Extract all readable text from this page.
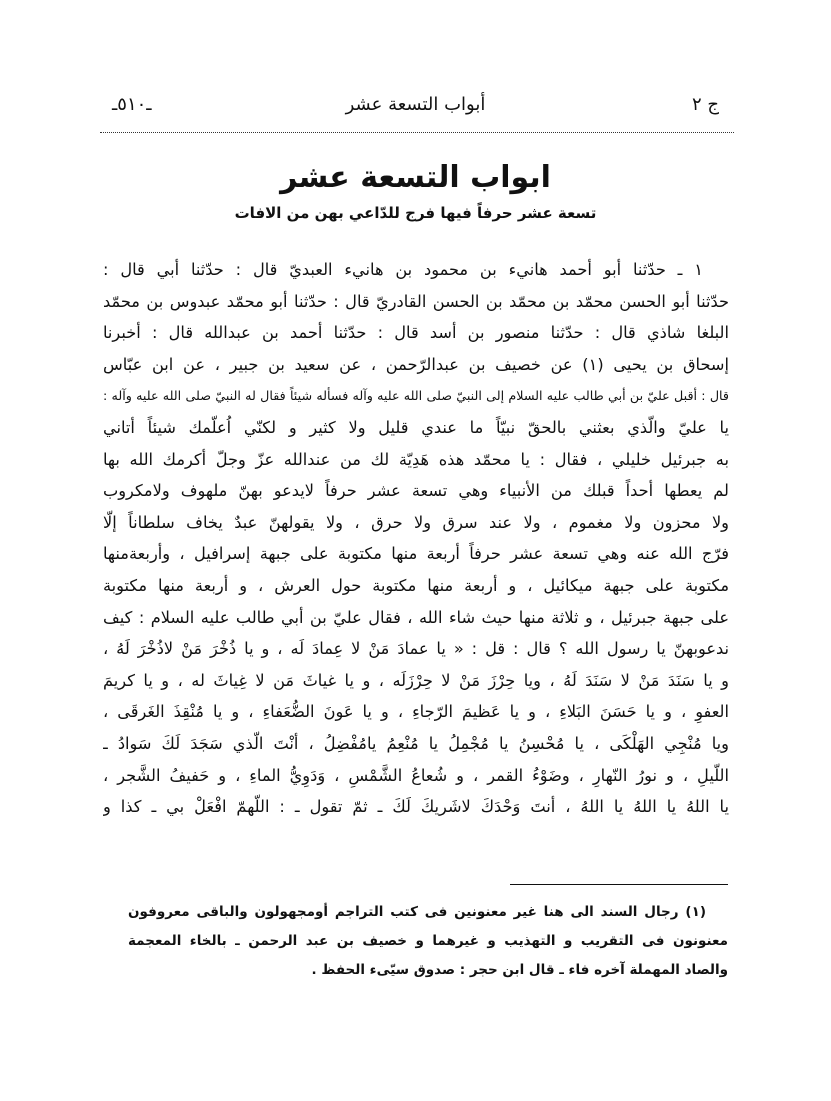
ـ٥١٠ـ	أبواب التسعة عشر	ج ٢
ابواب التسعة عشر
تسعة عشر حرفاً فيها فرج للدّاعي بهن من الافات
١ ـ حدّثنا أبو أحمد هانيء بن محمود بن هانيء العبديّ قال : حدّثنا أبي قال :
حدّثنا أبو الحسن محمّد بن محمّد بن الحسن القادريّ قال : حدّثنا أبو محمّد عبدوس بن محمّد
البلغا شاذي قال : حدّثنا منصور بن أسد قال : حدّثنا أحمد بن عبدالله قال : أخبرنا
إسحاق بن يحيى (١) عن خصيف بن عبدالرّحمن ، عن سعيد بن جبير ، عن ابن عبّاس
قال : أقبل عليّ بن أبي طالب عليه السلام إلى النبيّ صلى الله عليه وآله فسأله شيئاً فقال له النبيّ صلى الله عليه وآله :
يا عليّ والّذي بعثني بالحقّ نبيّاً ما عندي قليل ولا كثير و لكنّي اُعلّمك شيئاً أتاني
به جبرئيل خليلي ، فقال : يا محمّد هذه هَدِيّة لك من عندالله عزّ وجلّ أكرمك الله بها
لم يعطها أحداً قبلك من الأنبياء وهي تسعة عشر حرفاً لايدعو بهنّ ملهوف ولامكروب
ولا محزون ولا مغموم ، ولا عند سرق ولا حرق ، ولا يقولهنّ عبدٌ يخاف سلطاناً إلّا
فرّج الله عنه وهي تسعة عشر حرفاً أربعة منها مكتوبة على جبهة إسرافيل ، وأربعةمنها
مكتوبة على جبهة ميكائيل ، و أربعة منها مكتوبة حول العرش ، و أربعة منها مكتوبة
على جبهة جبرئيل ، و ثلاثة منها حيث شاء الله ، فقال عليّ بن أبي طالب عليه السلام : كيف
ندعوبهنّ يا رسول الله ؟ قال : قل : « يا عمادَ مَنْ لا عِمادَ لَه ، و يا ذُخْرَ مَنْ لاذُخْرَ لَهُ ،
و يا سَنَدَ مَنْ لا سَنَدَ لَهُ ، ويا حِرْزَ مَنْ لا حِرْزَلَه ، و يا غياثَ مَن لا غِياثَ له ، و يا كريمَ
العفوِ ، و يا حَسَنَ البَلاءِ ، و يا عَظيمَ الرّجاءِ ، و يا عَونَ الضُّعَفاءِ ، و يا مُنْقِذَ الغَرقَى ،
ويا مُنْجِي الهَلْكَى ، يا مُحْسِنُ يا مُجْمِلُ يا مُنْعِمُ يامُفْضِلُ ، أنْتَ الّذي سَجَدَ لَكَ سَوادُ ـ
اللّيلِ ، و نورُ النّهارِ ، وضَوْءُ القمر ، و شُعاعُ الشَّمْسِ ، وَدَوِيُّ الماءِ ، و حَفيفُ الشَّجر ،
يا اللهُ يا اللهُ يا اللهُ ، أنتَ وَحْدَكَ لاشَريكَ لَكَ ـ ثمّ تقول ـ : اللّهمّ افْعَلْ بي ـ كذا و
(١) رجال السند الى هنا غير معنونين فى كتب التراجم أومجهولون والباقى معروفون
معنونون فى التقريب و التهذيب و غيرهما و خصيف بن عبد الرحمن ـ بالخاء المعجمة
والصاد المهملة آخره فاء ـ قال ابن حجر : صدوق سيّىء الحفظ .
